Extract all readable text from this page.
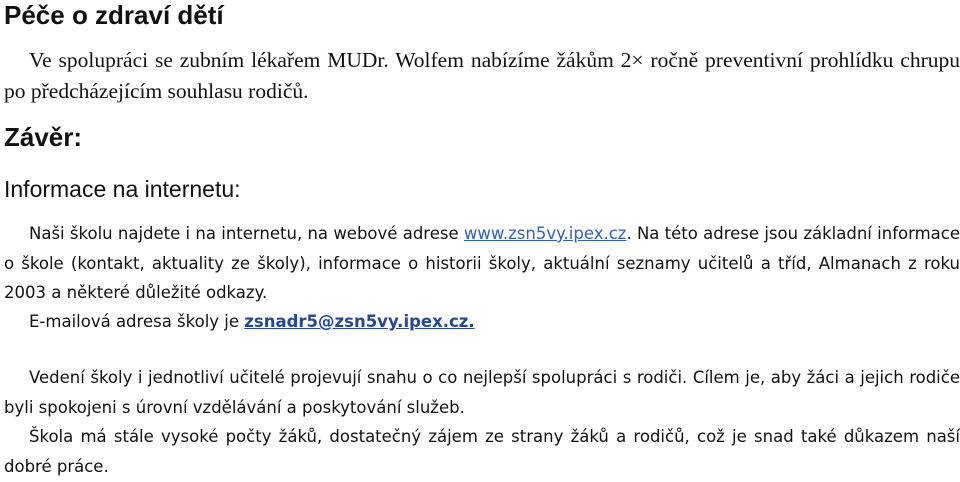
Péče o zdraví dětí

Ve spolupráci se zubním lékařem MUDr. Wolfem nabízíme žákům 2× ročně preventivní prohlídku chrupu po předcházejícím souhlasu rodičů.

Závěr:
Informace na internetu:

Naši školu najdete i na internetu, na webové adrese www.zsn5vy.ipex.cz. Na této adrese jsou základní informace o škole (kontakt, aktuality ze školy), informace o historii školy, aktuální seznamy učitelů a tříd, Almanach z roku 2003 a některé důležité odkazy.

E-mailová adresa školy je zsnadr5@zsn5vy.ipex.cz.

Vedení školy i jednotliví učitelé projevují snahu o co nejlepší spolupráci s rodiči. Cílem je, aby žáci a jejich rodiče byli spokojeni s úrovní vzdělávání a poskytování služeb.

Škola má stále vysoké počty žáků, dostatečný zájem ze strany žáků a rodičů, což je snad také důkazem naší dobré práce.
